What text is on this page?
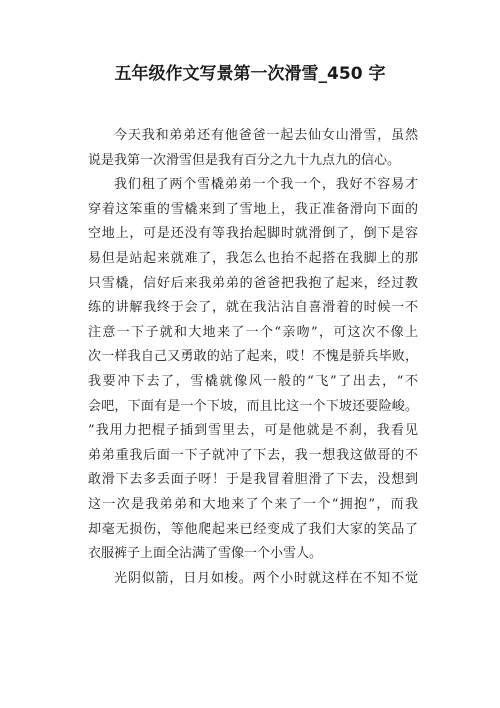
五年级作文写景第一次滑雪_450 字
今天我和弟弟还有他爸爸一起去仙女山滑雪，虽然
说是我第一次滑雪但是我有百分之九十九点九的信心。
我们租了两个雪橇弟弟一个我一个，我好不容易才
穿着这笨重的雪橇来到了雪地上，我正准备滑向下面的
空地上，可是还没有等我抬起脚时就滑倒了，倒下是容
易但是站起来就难了，我怎么也抬不起搭在我脚上的那
只雪橇，信好后来我弟弟的爸爸把我抱了起来，经过教
练的讲解我终于会了，就在我沾沾自喜滑着的时候一不
注意一下子就和大地来了一个“亲吻”，可这次不像上
次一样我自己又勇敢的站了起来，哎！不愧是骄兵毕败，
我要冲下去了，雪橇就像风一般的“飞”了出去，“不
会吧，下面有是一个下坡，而且比这一个下坡还要险峻。
”我用力把棍子插到雪里去，可是他就是不刹，我看见
弟弟重我后面一下子就冲了下去，我一想我这做哥的不
敢滑下去多丢面子呀！于是我冒着胆滑了下去，没想到
这一次是我弟弟和大地来了个来了一个“拥抱”，而我
却毫无损伤，等他爬起来已经变成了我们大家的笑品了
衣服裤子上面全沾满了雪像一个小雪人。
光阴似箭，日月如梭。两个小时就这样在不知不觉
